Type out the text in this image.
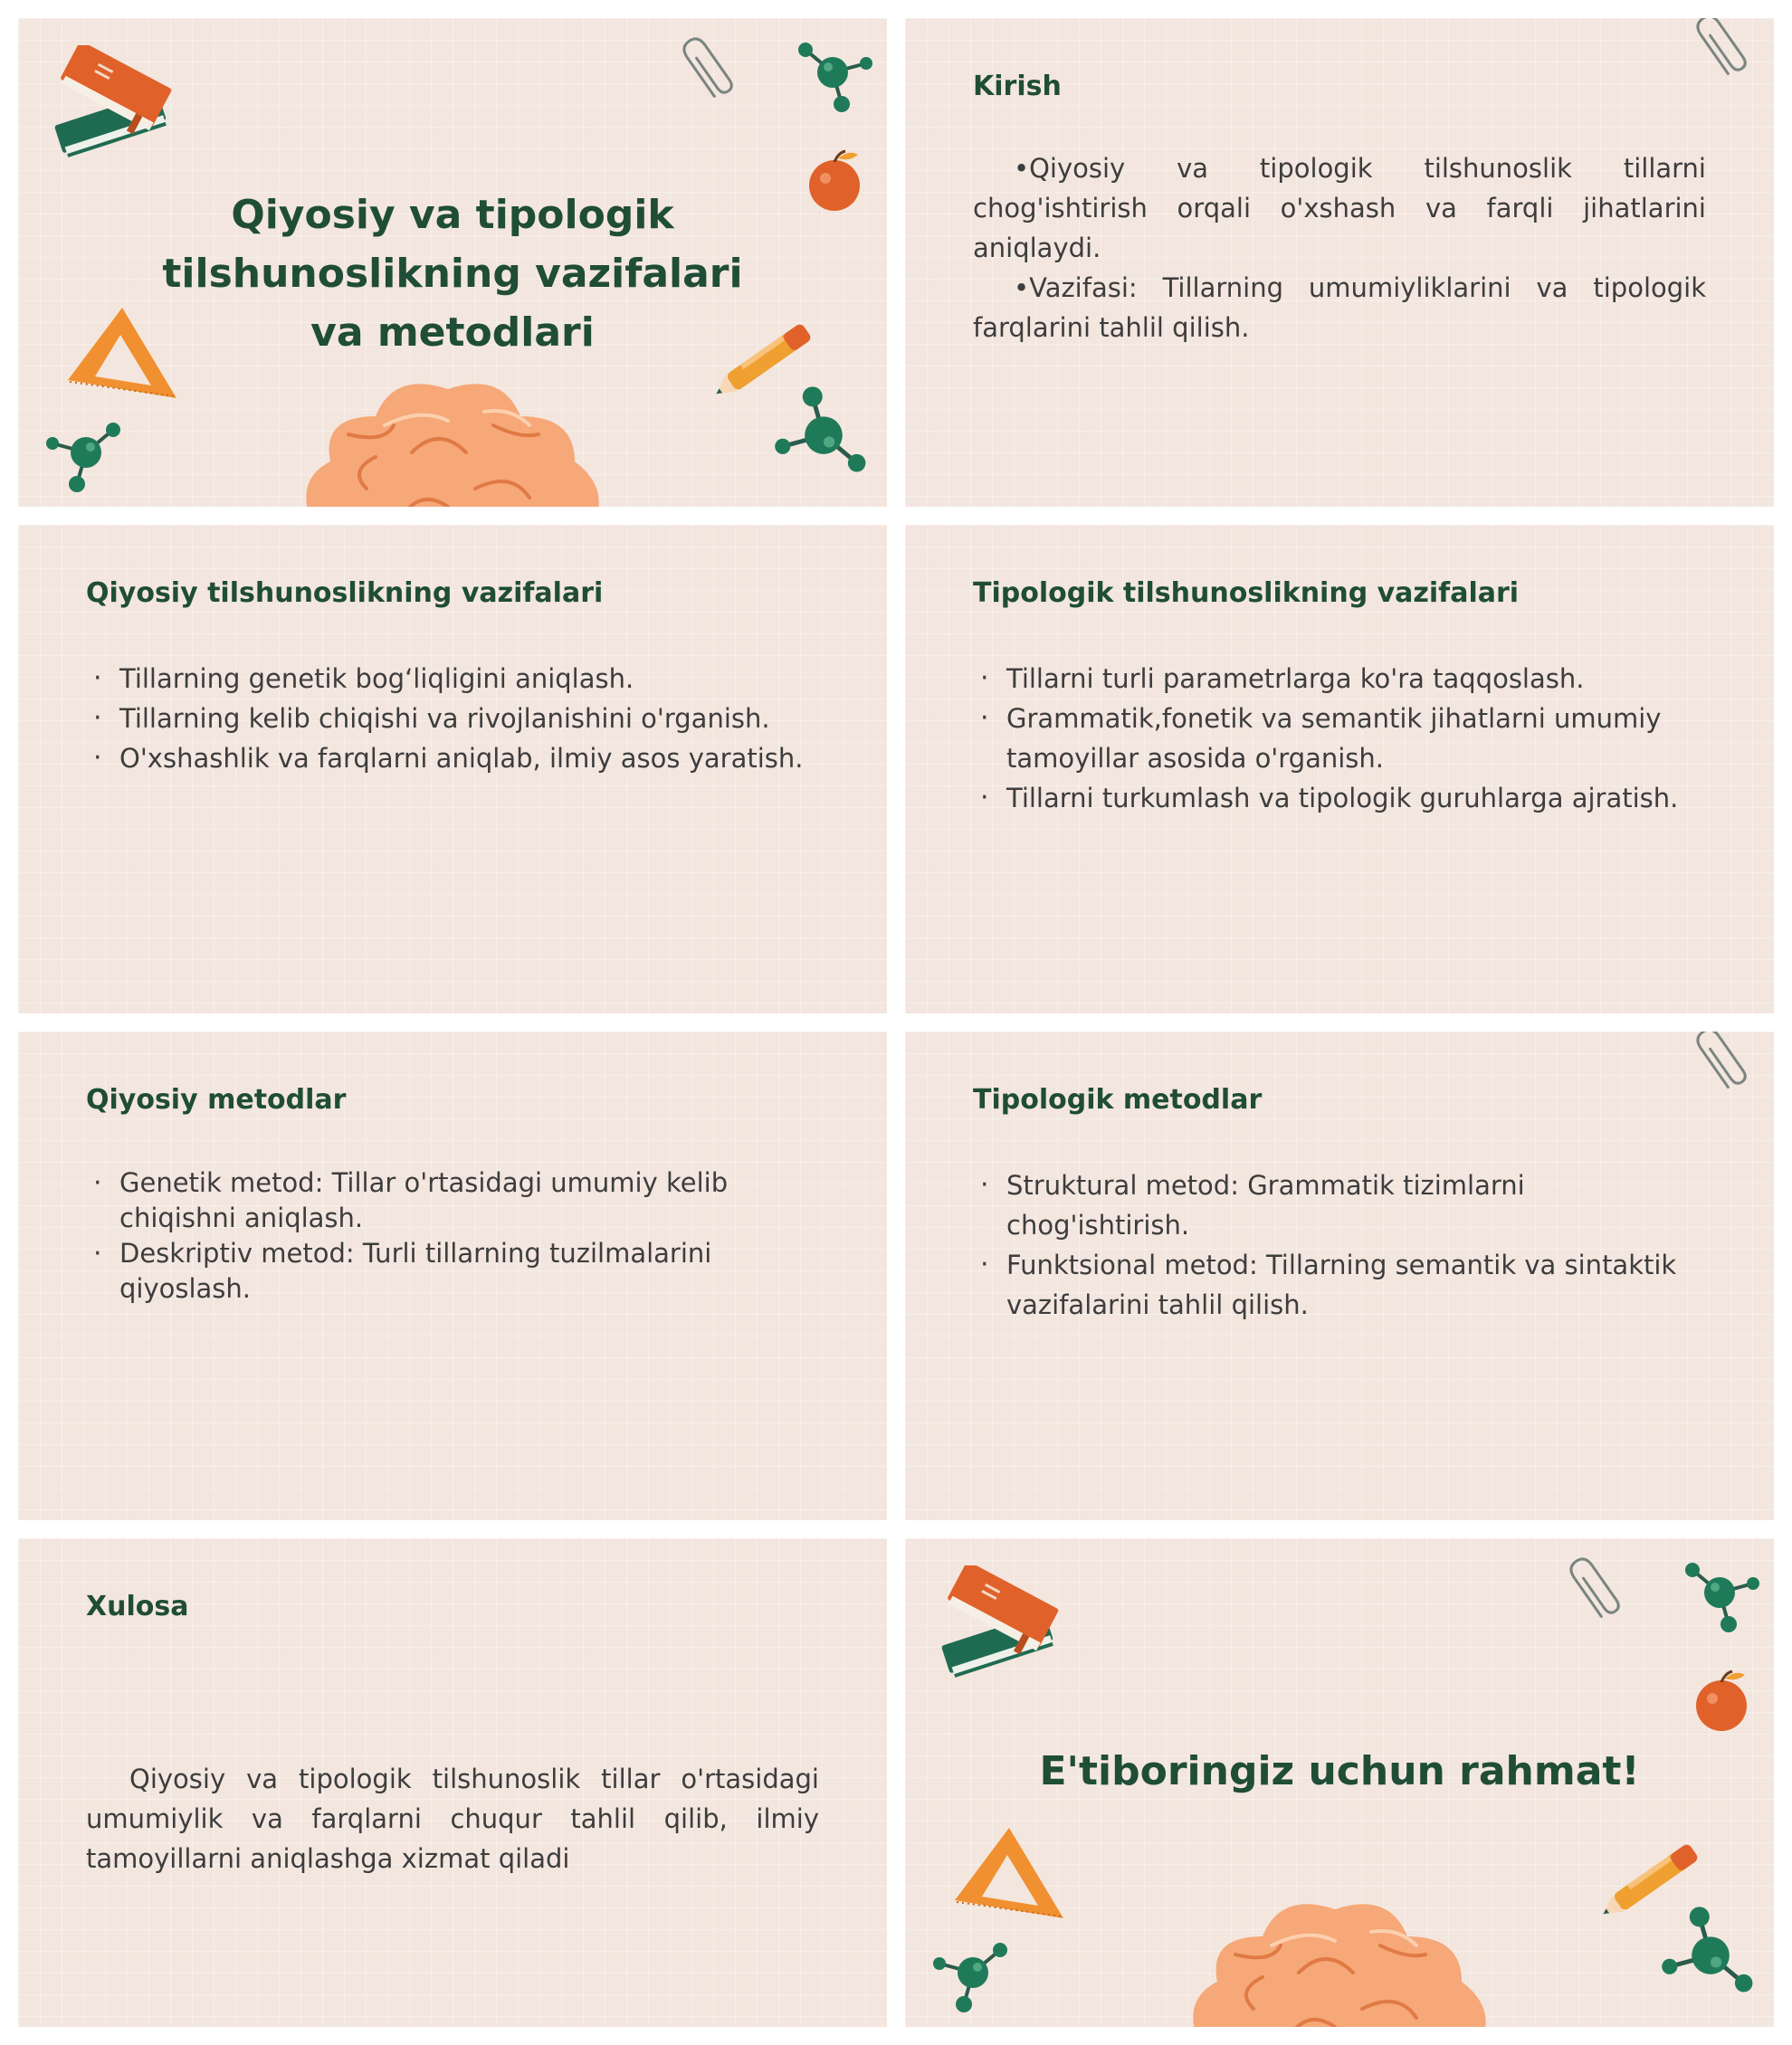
Qiyosiy va tipologik tilshunoslikning vazifalari va metodlari
Kirish

•Qiyosiy va tipologik tilshunoslik tillarni chog'ishtirish orqali o'xshash va farqli jihatlarini aniqlaydi.

•Vazifasi: Tillarning umumiyliklarini va tipologik farqlarini tahlil qilish.

Qiyosiy tilshunoslikning vazifalari
· Tillarning genetik bog‘liqligini aniqlash.
· Tillarning kelib chiqishi va rivojlanishini o'rganish.
· O'xshashlik va farqlarni aniqlab, ilmiy asos yaratish.
Tipologik tilshunoslikning vazifalari
· Tillarni turli parametrlarga ko'ra taqqoslash.
· Grammatik,fonetik va semantik jihatlarni umumiy tamoyillar asosida o'rganish.
· Tillarni turkumlash va tipologik guruhlarga ajratish.
Qiyosiy metodlar
· Genetik metod: Tillar o'rtasidagi umumiy kelib chiqishni aniqlash.
· Deskriptiv metod: Turli tillarning tuzilmalarini qiyoslash.
Tipologik metodlar
· Struktural metod: Grammatik tizimlarni chog'ishtirish.
· Funktsional metod: Tillarning semantik va sintaktik vazifalarini tahlil qilish.
Xulosa

Qiyosiy va tipologik tilshunoslik tillar o'rtasidagi umumiylik va farqlarni chuqur tahlil qilib, ilmiy tamoyillarni aniqlashga xizmat qiladi

E'tiboringiz uchun rahmat!
